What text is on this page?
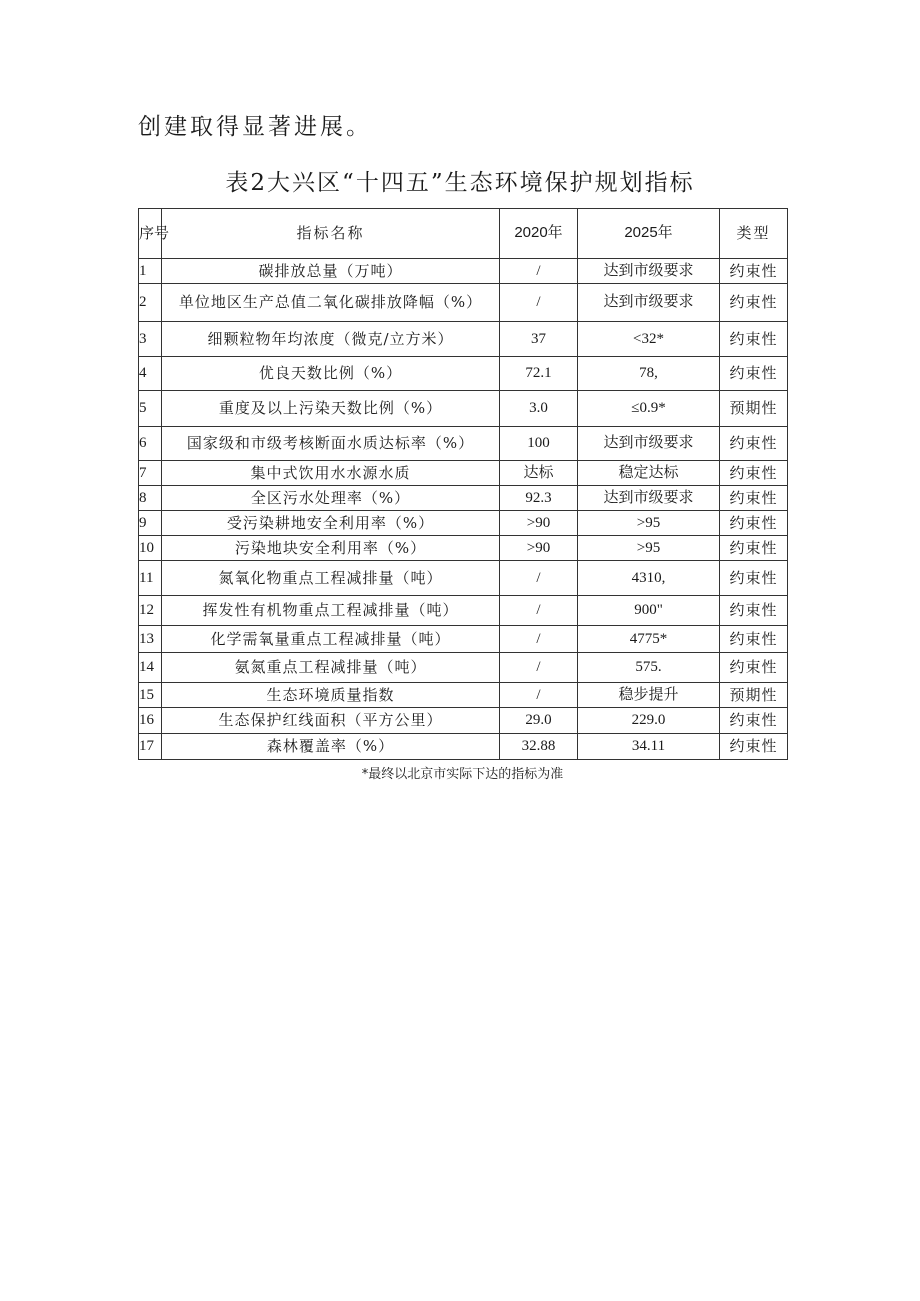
创建取得显著进展。
表2大兴区“十四五”生态环境保护规划指标
序号	指标名称	2020年	2025年	类型
1	碳排放总量（万吨）	/	达到市级要求	约束性
2	单位地区生产总值二氧化碳排放降幅（%）	/	达到市级要求	约束性
3	细颗粒物年均浓度（微克/立方米）	37	<32*	约束性
4	优良天数比例（%）	72.1	78,	约束性
5	重度及以上污染天数比例（%）	3.0	≤0.9*	预期性
6	国家级和市级考核断面水质达标率（%）	100	达到市级要求	约束性
7	集中式饮用水水源水质	达标	稳定达标	约束性
8	全区污水处理率（%）	92.3	达到市级要求	约束性
9	受污染耕地安全利用率（%）	>90	>95	约束性
10	污染地块安全利用率（%）	>90	>95	约束性
11	氮氧化物重点工程减排量（吨）	/	4310,	约束性
12	挥发性有机物重点工程减排量（吨）	/	900"	约束性
13	化学需氧量重点工程减排量（吨）	/	4775*	约束性
14	氨氮重点工程减排量（吨）	/	575.	约束性
15	生态环境质量指数	/	稳步提升	预期性
16	生态保护红线面积（平方公里）	29.0	229.0	约束性
17	森林覆盖率（%）	32.88	34.11	约束性
*最终以北京市实际下达的指标为准
